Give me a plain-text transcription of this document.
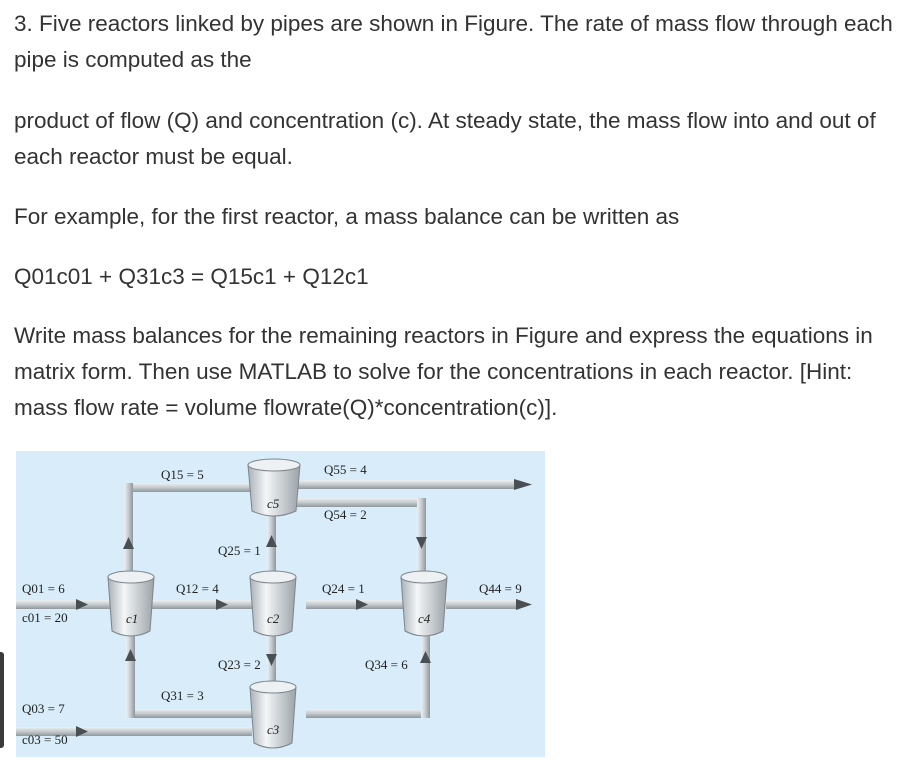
3. Five reactors linked by pipes are shown in Figure. The rate of mass flow through each pipe is computed as the

product of flow (Q) and concentration (c). At steady state, the mass flow into and out of each reactor must be equal.

For example, for the first reactor, a mass balance can be written as

Q01c01 + Q31c3 = Q15c1 + Q12c1

Write mass balances for the remaining reactors in Figure and express the equations in matrix form. Then use MATLAB to solve for the concentrations in each reactor. [Hint: mass flow rate = volume flowrate(Q)*concentration(c)].

c1	c2
c3
c4
c5
Q15 = 5	Q55 = 4
Q54 = 2
Q25 = 1
Q01 = 6
c01 = 20
Q12 = 4	Q24 = 1	Q44 = 9
Q23 = 2	Q34 = 6
Q31 = 3
Q03 = 7
c03 = 50
